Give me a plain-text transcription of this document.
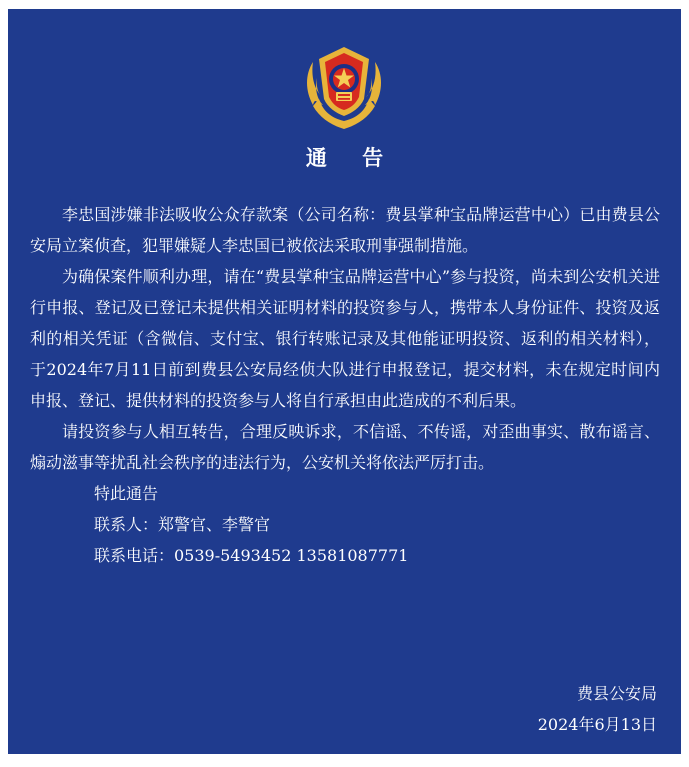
通 告

李忠国涉嫌非法吸收公众存款案（公司名称：费县掌种宝品牌运营中心）已由费县公安局立案侦查，犯罪嫌疑人李忠国已被依法采取刑事强制措施。

为确保案件顺利办理，请在“费县掌种宝品牌运营中心”参与投资，尚未到公安机关进行申报、登记及已登记未提供相关证明材料的投资参与人，携带本人身份证件、投资及返利的相关凭证（含微信、支付宝、银行转账记录及其他能证明投资、返利的相关材料），于2024年7月11日前到费县公安局经侦大队进行申报登记，提交材料，未在规定时间内申报、登记、提供材料的投资参与人将自行承担由此造成的不利后果。

请投资参与人相互转告，合理反映诉求，不信谣、不传谣，对歪曲事实、散布谣言、煽动滋事等扰乱社会秩序的违法行为，公安机关将依法严厉打击。

特此通告

联系人：郑警官、李警官

联系电话：0539-5493452 13581087771

费县公安局
2024年6月13日
